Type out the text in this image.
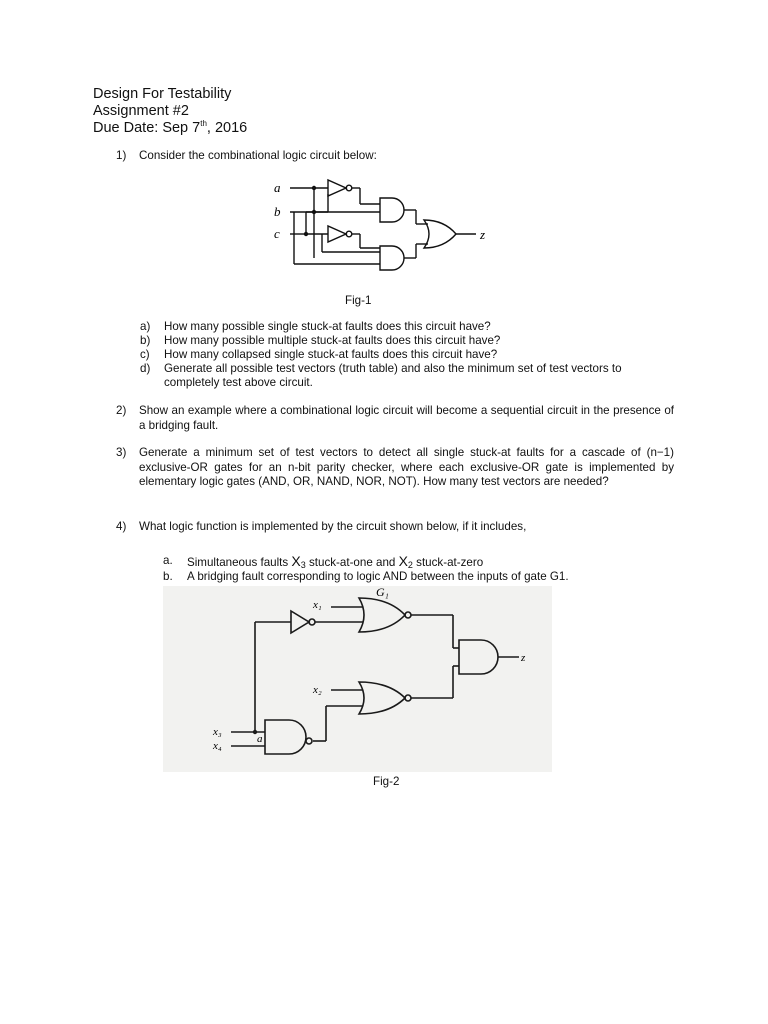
Design For Testability
Assignment #2
Due Date: Sep 7th, 2016
1) Consider the combinational logic circuit below:
a
b
c	z
Fig-1
a) How many possible single stuck-at faults does this circuit have?
b) How many possible multiple stuck-at faults does this circuit have?
c) How many collapsed single stuck-at faults does this circuit have?
d) Generate all possible test vectors (truth table) and also the minimum set of test vectors to completely test above circuit.
2) Show an example where a combinational logic circuit will become a sequential circuit in the presence of a bridging fault.
3) Generate a minimum set of test vectors to detect all single stuck-at faults for a cascade of (n−1) exclusive-OR gates for an n-bit parity checker, where each exclusive-OR gate is implemented by elementary logic gates (AND, OR, NAND, NOR, NOT). How many test vectors are needed?
4) What logic function is implemented by the circuit shown below, if it includes,
a. Simultaneous faults X3 stuck-at-one and X2 stuck-at-zero
b. A bridging fault corresponding to logic AND between the inputs of gate G1.
x₁
G₁
x₂
x₃
x₄
a
z
Fig-2
